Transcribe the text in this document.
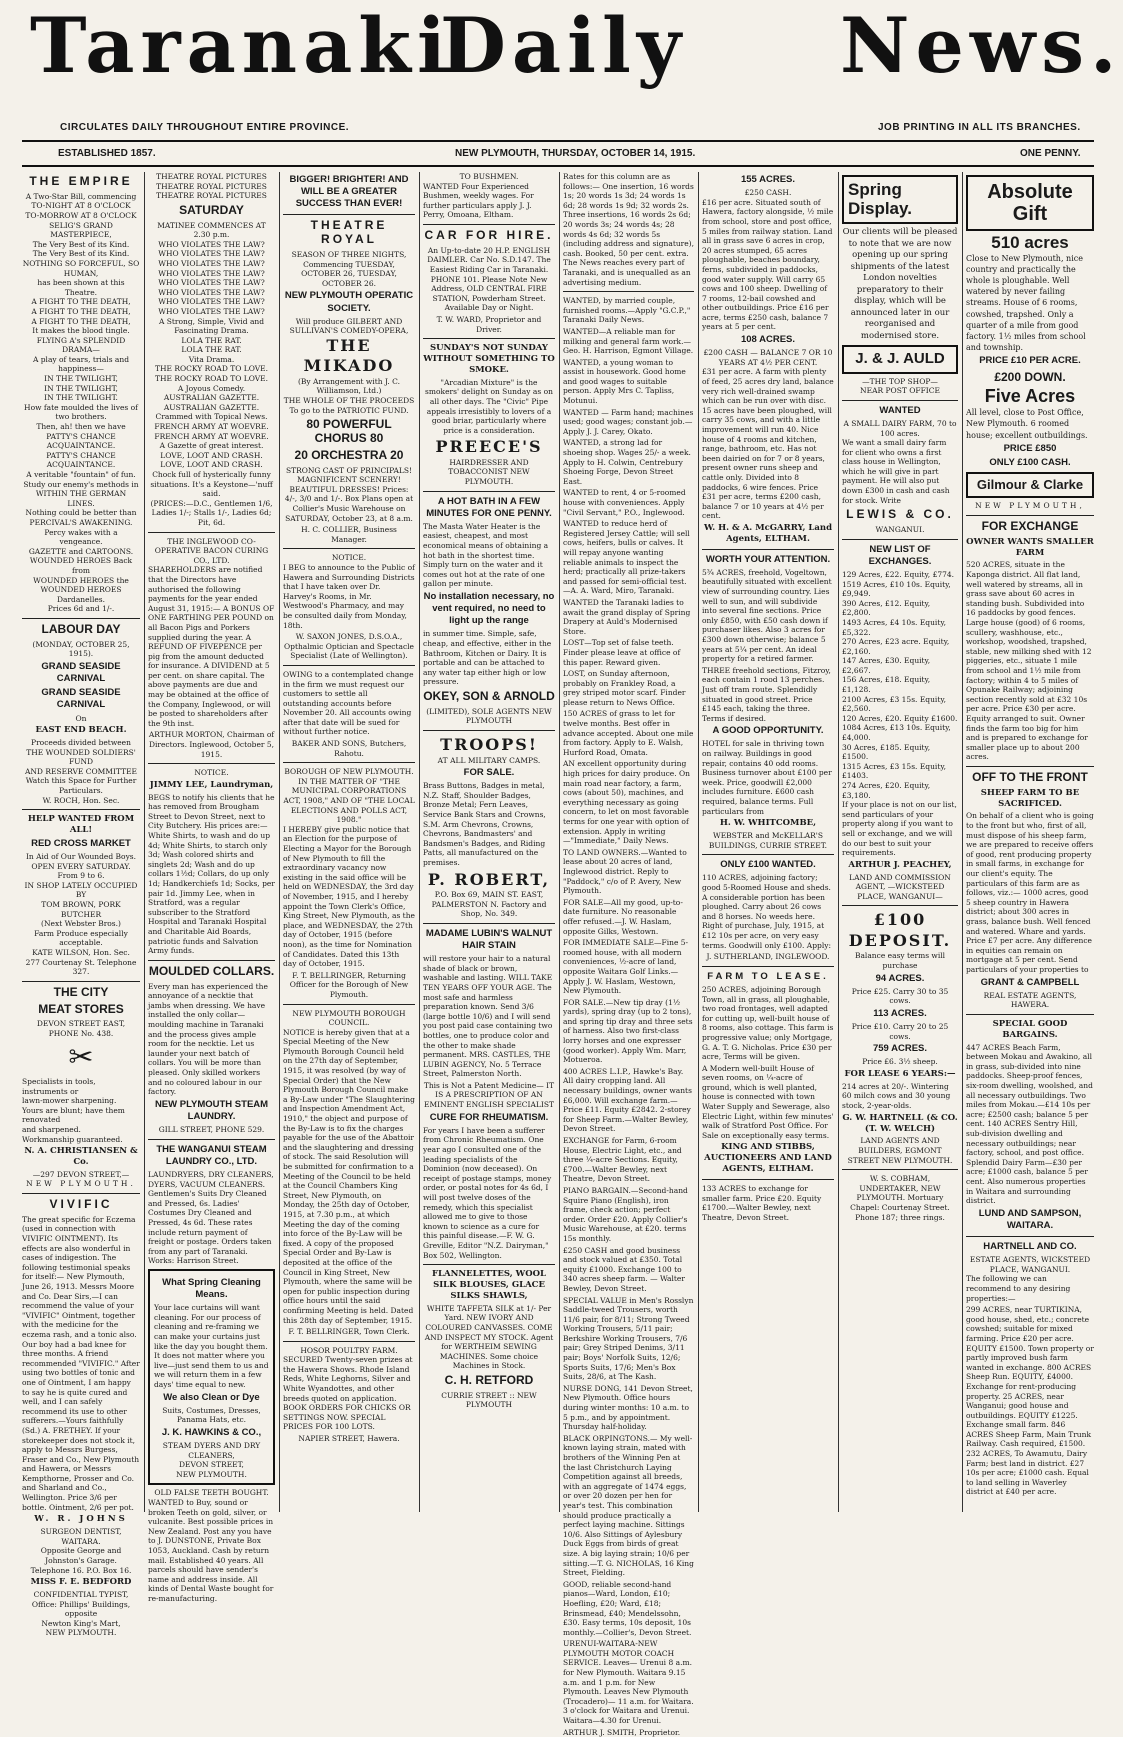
Taranaki
Daily News.
CIRCULATES DAILY THROUGHOUT ENTIRE PROVINCE.	JOB PRINTING IN ALL ITS BRANCHES.
ESTABLISHED 1857.	NEW PLYMOUTH, THURSDAY, OCTOBER 14, 1915.	ONE PENNY.
THE EMPIRE
A Two-Star Bill, commencing
TO-NIGHT AT 8 O'CLOCK
TO-MORROW AT 8 O'CLOCK
SELIG'S GRAND MASTERPIECE,
The Very Best of its Kind.
The Very Best of its Kind.
NOTHING SO FORCEFUL, SO HUMAN,
has been shown at this Theatre.
A FIGHT TO THE DEATH,
A FIGHT TO THE DEATH,
A FIGHT TO THE DEATH,
It makes the blood tingle.
FLYING A's SPLENDID DRAMA—
A play of tears, trials and happiness—
IN THE TWILIGHT,
IN THE TWILIGHT,
IN THE TWILIGHT.
How fate moulded the lives of two brothers.
Then, ah! then we have
PATTY'S CHANCE ACQUAINTANCE.
PATTY'S CHANCE ACQUAINTANCE.
A veritable "fountain" of fun.
Study our enemy's methods in
WITHIN THE GERMAN LINES.
Nothing could be better than
PERCIVAL'S AWAKENING.
Percy wakes with a vengeance.
GAZETTE and CARTOONS.
WOUNDED HEROES Back from
WOUNDED HEROES the
WOUNDED HEROES Dardanelles.
Prices 6d and 1/-.
LABOUR DAY
(MONDAY, OCTOBER 25, 1915).
GRAND SEASIDE CARNIVAL
GRAND SEASIDE CARNIVAL
On
EAST END BEACH.
Proceeds divided between
THE WOUNDED SOLDIERS' FUND
AND RESERVE COMMITTEE
Watch this Space for Further Particulars.
W. ROCH, Hon. Sec.
HELP WANTED FROM ALL!
RED CROSS MARKET
In Aid of Our Wounded Boys.
OPEN EVERY SATURDAY.
From 9 to 6.
IN SHOP LATELY OCCUPIED BY
TOM BROWN, PORK BUTCHER
(Next Webster Bros.)
Farm Produce especially acceptable.
KATE WILSON, Hon. Sec.
277 Courtenay St. Telephone 327.
THE CITY
MEAT STORES
DEVON STREET EAST,
PHONE No. 438.
✂
Specialists in tools, instruments or
lawn-mower sharpening.
Yours are blunt; have them renovated
and sharpened.
Workmanship guaranteed.
N. A. CHRISTIANSEN & Co.
—297 DEVON STREET,—
NEW PLYMOUTH.
VIVIFIC

The great specific for Eczema (used in connection with VIVIFIC OINTMENT). Its effects are also wonderful in cases of indigestion. The following testimonial speaks for itself:— New Plymouth, June 26, 1913. Messrs Moore and Co. Dear Sirs,—I can recommend the value of your "VIVIFIC" Ointment, together with the medicine for the eczema rash, and a tonic also. Our boy had a bad knee for three months. A friend recommended "VIVIFIC." After using two bottles of tonic and one of Ointment, I am happy to say he is quite cured and well, and I can safely recommend its use to other sufferers.—Yours faithfully (Sd.) A. FRETHEY. If your storekeeper does not stock it, apply to Messrs Burgess, Fraser and Co., New Plymouth and Hawera, or Messrs Kempthorne, Prosser and Co. and Sharland and Co., Wellington. Price 3/6 per bottle. Ointment, 2/6 per pot.

W. R. JOHNS
SURGEON DENTIST,
WAITARA.
Opposite George and Johnston's Garage.
Telephone 16. P.O. Box 16.
MISS F. E. BEDFORD
CONFIDENTIAL TYPIST,
Office: Phillips' Buildings, opposite
Newton King's Mart,
NEW PLYMOUTH.
THEATRE ROYAL PICTURES
THEATRE ROYAL PICTURES
THEATRE ROYAL PICTURES
SATURDAY
MATINEE COMMENCES AT 2.30 p.m.
WHO VIOLATES THE LAW?
WHO VIOLATES THE LAW?
WHO VIOLATES THE LAW?
WHO VIOLATES THE LAW?
WHO VIOLATES THE LAW?
WHO VIOLATES THE LAW?
WHO VIOLATES THE LAW?
WHO VIOLATES THE LAW?
A Strong, Simple, Vivid and Fascinating Drama.
LOLA THE RAT.
LOLA THE RAT.
Vita Drama.
THE ROCKY ROAD TO LOVE.
THE ROCKY ROAD TO LOVE.
A Joyous Comedy.
AUSTRALIAN GAZETTE.
AUSTRALIAN GAZETTE.
Crammed with Topical News.
FRENCH ARMY AT WOEVRE.
FRENCH ARMY AT WOEVRE.
A Gazette of great interest.
LOVE, LOOT AND CRASH.
LOVE, LOOT AND CRASH.
Chock full of hysterically funny situations. It's a Keystone—'nuff said.
(PRICES:—D.C., Gentlemen 1/6, Ladies 1/-; Stalls 1/-, Ladies 6d; Pit, 6d.
THE INGLEWOOD CO-OPERATIVE BACON CURING CO., LTD.

SHAREHOLDERS are notified that the Directors have authorised the following payments for the year ended August 31, 1915:— A BONUS OF ONE FARTHING PER POUND on all Bacon Pigs and Porkers supplied during the year. A REFUND OF FIVEPENCE per pig from the amount deducted for insurance. A DIVIDEND at 5 per cent. on share capital. The above payments are due and may be obtained at the office of the Company, Inglewood, or will be posted to shareholders after the 9th inst.

ARTHUR MORTON, Chairman of Directors. Inglewood, October 5, 1915.
NOTICE.
JIMMY LEE, Laundryman,

BEGS to notify his clients that he has removed from Brougham Street to Devon Street, next to City Butchery. His prices are:— White Shirts, to wash and do up 4d; White Shirts, to starch only 3d; Wash colored shirts and singlets 2d; Wash and do up collars 1½d; Collars, do up only 1d; Handkerchiefs 1d; Socks, per pair 1d. Jimmy Lee, when in Stratford, was a regular subscriber to the Stratford Hospital and Taranaki Hospital and Charitable Aid Boards, patriotic funds and Salvation Army funds.

MOULDED COLLARS.

Every man has experienced the annoyance of a necktie that jambs when dressing. We have installed the only collar—moulding machine in Taranaki and the process gives ample room for the necktie. Let us launder your next batch of collars. You will be more than pleased. Only skilled workers and no coloured labour in our factory.

NEW PLYMOUTH STEAM LAUNDRY.
GILL STREET, PHONE 529.
THE WANGANUI STEAM LAUNDRY CO., LTD.

LAUNDRYERS, DRY CLEANERS, DYERS, VACUUM CLEANERS. Gentlemen's Suits Dry Cleaned and Pressed, 6s. Ladies' Costumes Dry Cleaned and Pressed, 4s 6d. These rates include return payment of freight or postage. Orders taken from any part of Taranaki. Works: Harrison Street.

What Spring Cleaning Means.

Your lace curtains will want cleaning. For our process of cleaning and re-framing we can make your curtains just like the day you bought them. It does not matter where you live—just send them to us and we will return them in a few days' time equal to new.

We also Clean or Dye
Suits, Costumes, Dresses, Panama Hats, etc.
J. K. HAWKINS & CO.,
STEAM DYERS AND DRY CLEANERS,
DEVON STREET,
NEW PLYMOUTH.
OLD FALSE TEETH BOUGHT.

WANTED to Buy, sound or broken Teeth on gold, silver, or vulcanite. Best possible prices in New Zealand. Post any you have to J. DUNSTONE, Private Box 1053, Auckland. Cash by return mail. Established 40 years. All parcels should have sender's name and address inside. All kinds of Dental Waste bought for re-manufacturing.

BIGGER! BRIGHTER! AND WILL BE A GREATER SUCCESS THAN EVER!
THEATRE ROYAL
SEASON OF THREE NIGHTS, Commencing TUESDAY, OCTOBER 26, TUESDAY, OCTOBER 26.
NEW PLYMOUTH OPERATIC SOCIETY.
Will produce GILBERT AND SULLIVAN'S COMEDY-OPERA,
THE MIKADO
(By Arrangement with J. C. Williamson, Ltd.)
THE WHOLE OF THE PROCEEDS
To go to the PATRIOTIC FUND.
80 POWERFUL CHORUS 80
20 ORCHESTRA 20

STRONG CAST OF PRINCIPALS! MAGNIFICENT SCENERY! BEAUTIFUL DRESSES! Prices: 4/-, 3/0 and 1/-. Box Plans open at Collier's Music Warehouse on SATURDAY, October 23, at 8 a.m.

H. C. COLLIER, Business Manager.
NOTICE.

I BEG to announce to the Public of Hawera and Surrounding Districts that I have taken over Dr. Harvey's Rooms, in Mr. Westwood's Pharmacy, and may be consulted daily from Monday, 18th.

W. SAXON JONES, D.S.O.A., Opthalmic Optician and Spectacle Specialist (Late of Wellington).

OWING to a contemplated change in the firm we must request our customers to settle all outstanding accounts before November 20. All accounts owing after that date will be sued for without further notice.

BAKER AND SONS, Butchers, Rahotu.
BOROUGH OF NEW PLYMOUTH.
IN THE MATTER OF "THE MUNICIPAL CORPORATIONS ACT, 1908," AND OF "THE LOCAL ELECTIONS AND POLLS ACT, 1908."

I HEREBY give public notice that an Election for the purpose of Electing a Mayor for the Borough of New Plymouth to fill the extraordinary vacancy now existing in the said office will be held on WEDNESDAY, the 3rd day of November, 1915, and I hereby appoint the Town Clerk's Office, King Street, New Plymouth, as the place, and WEDNESDAY, the 27th day of October, 1915 (before noon), as the time for Nomination of Candidates. Dated this 13th day of October, 1915.

F. T. BELLRINGER, Returning Officer for the Borough of New Plymouth.
NEW PLYMOUTH BOROUGH COUNCIL.

NOTICE is hereby given that at a Special Meeting of the New Plymouth Borough Council held on the 27th day of September, 1915, it was resolved (by way of Special Order) that the New Plymouth Borough Council make a By-Law under "The Slaughtering and Inspection Amendment Act, 1910," the object and purpose of the By-Law is to fix the charges payable for the use of the Abattoir and the slaughtering and dressing of stock. The said Resolution will be submitted for confirmation to a Meeting of the Council to be held at the Council Chambers King Street, New Plymouth, on Monday, the 25th day of October, 1915, at 7.30 p.m., at which Meeting the day of the coming into force of the By-Law will be fixed. A copy of the proposed Special Order and By-Law is deposited at the office of the Council in King Street, New Plymouth, where the same will be open for public inspection during office hours until the said confirming Meeting is held. Dated this 28th day of September, 1915.

F. T. BELLRINGER, Town Clerk.
HOSOR POULTRY FARM.

SECURED Twenty-seven prizes at the Hawera Shows. Rhode Island Reds, White Leghorns, Silver and White Wyandottes, and other breeds quoted on application. BOOK ORDERS FOR CHICKS OR SETTINGS NOW. SPECIAL PRICES FOR 100 LOTS.

NAPIER STREET, Hawera.
TO BUSHMEN.

WANTED Four Experienced Bushmen, weekly wages. For further particulars apply J. J. Perry, Omoana, Eltham.

CAR FOR HIRE.

An Up-to-date 20 H.P. ENGLISH DAIMLER. Car No. S.D.147. The Easiest Riding Car in Taranaki. PHONE 101. Please Note New Address, OLD CENTRAL FIRE STATION, Powderham Street. Available Day or Night.

T. W. WARD, Proprietor and Driver.
SUNDAY'S NOT SUNDAY WITHOUT SOMETHING TO SMOKE.

"Arcadian Mixture" is the smokers' delight on Sunday as on all other days. The "Civic" Pipe appeals irresistibly to lovers of a good briar, particularly where price is a consideration.

PREECE'S
HAIRDRESSER AND TOBACCONIST NEW PLYMOUTH.
A HOT BATH IN A FEW MINUTES FOR ONE PENNY.

The Masta Water Heater is the easiest, cheapest, and most economical means of obtaining a hot bath in the shortest time. Simply turn on the water and it comes out hot at the rate of one gallon per minute.

No installation necessary, no vent required, no need to light up the range

in summer time. Simple, safe, cheap, and effective, either in the Bathroom, Kitchen or Dairy. It is portable and can be attached to any water tap either high or low pressure.

OKEY, SON & ARNOLD
(LIMITED), SOLE AGENTS NEW PLYMOUTH
TROOPS!
AT ALL MILITARY CAMPS.
FOR SALE.

Brass Buttons, Badges in metal, N.Z. Staff, Shoulder Badges, Bronze Metal; Fern Leaves, Service Bank Stars and Crowns, S.M. Arm Chevrons, Crowns, Chevrons, Bandmasters' and Bandsmen's Badges, and Riding Patts, all manufactured on the premises.

P. ROBERT,
P.O. Box 69, MAIN ST. EAST, PALMERSTON N. Factory and Shop, No. 349.
MADAME LUBIN'S WALNUT HAIR STAIN

will restore your hair to a natural shade of black or brown, washable and lasting. WILL TAKE TEN YEARS OFF YOUR AGE. The most safe and harmless preparation known. Send 3/6 (large bottle 10/6) and I will send you post paid case containing two bottles, one to produce color and the other to make shade permanent. MRS. CASTLES, THE LUBIN AGENCY, No. 5 Terrace Street, Palmerston North.

This is Not a Patent Medicine— IT IS A PRESCRIPTION OF AN EMINENT ENGLISH SPECIALIST
CURE FOR RHEUMATISM.

For years I have been a sufferer from Chronic Rheumatism. One year ago I consulted one of the leading specialists of the Dominion (now deceased). On receipt of postage stamps, money order, or postal notes for 4s 6d, I will post twelve doses of the remedy, which this specialist allowed me to give to those known to science as a cure for this painful disease.—F. W. G. Greville, Editor "N.Z. Dairyman," Box 502, Wellington.

FLANNELETTES, WOOL SILK BLOUSES, GLACE SILKS SHAWLS,

WHITE TAFFETA SILK at 1/- Per Yard. NEW IVORY AND COLOURED CANVASSES. COME AND INSPECT MY STOCK. Agent for WERTHEIM SEWING MACHINES. Some choice Machines in Stock.

C. H. RETFORD
CURRIE STREET :: NEW PLYMOUTH

Rates for this column are as follows:— One insertion, 16 words 1s; 20 words 1s 3d; 24 words 1s 6d; 28 words 1s 9d; 32 words 2s. Three insertions, 16 words 2s 6d; 20 words 3s; 24 words 4s; 28 words 4s 6d; 32 words 5s (including address and signature), cash. Booked, 50 per cent. extra. The News reaches every part of Taranaki, and is unequalled as an advertising medium.

WANTED, by married couple, furnished rooms.—Apply "G.C.P.," Taranaki Daily News.

WANTED—A reliable man for milking and general farm work.—Geo. H. Harrison, Egmont Village.

WANTED, a young woman to assist in housework. Good home and good wages to suitable person. Apply Mrs C. Tapliss, Motunui.

WANTED — Farm hand; machines used; good wages; constant job.—Apply J. J. Carey, Okato.

WANTED, a strong lad for shoeing shop. Wages 25/- a week. Apply to H. Colwin, Centrebury Shoeing Forge, Devon Street East.

WANTED to rent, 4 or 5-roomed house with conveniences. Apply "Civil Servant," P.O., Inglewood.

WANTED to reduce herd of Registered Jersey Cattle; will sell cows, heifers, bulls or calves. It will repay anyone wanting reliable animals to inspect the herd; practically all prize-takers and passed for semi-official test. —A. A. Ward, Miro, Taranaki.

WANTED the Taranaki ladies to await the grand display of Spring Drapery at Auld's Modernised Store.

LOST—Top set of false teeth. Finder please leave at office of this paper. Reward given.

LOST, on Sunday afternoon, probably on Frankley Road, a grey striped motor scarf. Finder please return to News Office.

150 ACRES of grass to let for twelve months. Best offer in advance accepted. About one mile from factory. Apply to E. Walsh, Hurford Road, Omata.

AN excellent opportunity during high prices for dairy produce. On main road near factory, a farm, cows (about 50), machines, and everything necessary as going concern, to let on most favorable terms for one year with option of extension. Apply in writing—"Immediate," Daily News.

TO LAND OWNERS.—Wanted to lease about 20 acres of land, Inglewood district. Reply to "Paddock," c/o of P. Avery, New Plymouth.

FOR SALE—All my good, up-to-date furniture. No reasonable offer refused.—J. W. Haslam, opposite Gilks, Westown.

FOR IMMEDIATE SALE—Fine 5-roomed house, with all modern conveniences, ½-acre of land, opposite Waitara Golf Links.—Apply J. W. Haslam, Westown, New Plymouth.

FOR SALE.—New tip dray (1½ yards), spring dray (up to 2 tons), and spring tip dray and three sets of harness. Also two first-class lorry horses and one expresser (good worker). Apply Wm. Marr, Motueroa.

400 ACRES L.I.P., Hawke's Bay. All dairy cropping land. All necessary buildings, owner wants £6,000. Will exchange farm.—Price £11. Equity £2842. 2-storey for Sheep Farm.—Walter Bewley, Devon Street.

EXCHANGE for Farm, 6-room House, Electric Light, etc., and three ¼-acre Sections. Equity, £700.—Walter Bewley, next Theatre, Devon Street.

PIANO BARGAIN.—Second-hand Squire Piano (English), iron frame, check action; perfect order. Order £20. Apply Collier's Music Warehouse, at £20. terms 15s monthly.

£250 CASH and good business and stock valued at £350. Total equity £1000. Exchange 100 to 340 acres sheep farm. — Walter Bewley, Devon Street.

SPECIAL VALUE in Men's Rosslyn Saddle-tweed Trousers, worth 11/6 pair, for 8/11; Strong Tweed Working Trousers, 5/11 pair; Berkshire Working Trousers, 7/6 pair; Grey Striped Denims, 3/11 pair; Boys' Norfolk Suits, 12/6; Sports Suits, 17/6; Men's Box Suits, 28/6, at The Kash.

NURSE DONG, 141 Devon Street, New Plymouth. Office hours during winter months: 10 a.m. to 5 p.m., and by appointment. Thursday half-holiday.

BLACK ORPINGTONS.— My well-known laying strain, mated with brothers of the Winning Pen at the last Christchurch Laying Competition against all breeds, with an aggregate of 1474 eggs, or over 20 dozen per hen for year's test. This combination should produce practically a perfect laying machine. Sittings 10/6. Also Sittings of Aylesbury Duck Eggs from birds of great size. A big laying strain; 10/6 per sitting.—T. G. NICHOLAS, 16 King Street, Fielding.

GOOD, reliable second-hand pianos—Ward, London, £10; Hoefling, £20; Ward, £18; Brinsmead, £40; Mendelssohn, £30. Easy terms, 10s deposit, 10s monthly.—Collier's, Devon Street.

URENUI-WAITARA-NEW PLYMOUTH MOTOR COACH SERVICE. Leaves— Urenui 8 a.m. for New Plymouth. Waitara 9.15 a.m. and 1 p.m. for New Plymouth. Leaves New Plymouth (Trocadero)— 11 a.m. for Waitara. 3 o'clock for Waitara and Urenui. Waitara—4.30 for Urenui.

ARTHUR J. SMITH, Proprietor.

155 ACRES.
£250 CASH.

£16 per acre. Situated south of Hawera, factory alongside, ½ mile from school, store and post office, 5 miles from railway station. Land all in grass save 6 acres in crop, 20 acres stumped, 65 acres ploughable, beaches boundary, ferns, subdivided in paddocks, good water supply. Will carry 65 cows and 100 sheep. Dwelling of 7 rooms, 12-bail cowshed and other outbuildings. Price £16 per acre, terms £250 cash, balance 7 years at 5 per cent.

108 ACRES.
£200 CASH — BALANCE 7 OR 10 YEARS AT 4½ PER CENT.

£31 per acre. A farm with plenty of feed, 25 acres dry land, balance very rich well-drained swamp which can be run over with disc. 15 acres have been ploughed, will carry 35 cows, and with a little improvement will run 40. Nice house of 4 rooms and kitchen, range, bathroom, etc. Has not been dairied on for 7 or 8 years, present owner runs sheep and cattle only. Divided into 8 paddocks, 6 wire fences. Price £31 per acre, terms £200 cash, balance 7 or 10 years at 4½ per cent.

W. H. & A. McGARRY, Land Agents, ELTHAM.
WORTH YOUR ATTENTION.

5¾ ACRES, freehold, Vogeltown, beautifully situated with excellent view of surrounding country. Lies well to sun, and will subdivide into several fine sections. Price only £850, with £50 cash down if purchaser likes. Also 3 acres for £300 down otherwise; balance 5 years at 5¼ per cent. An ideal property for a retired farmer.

THREE freehold sections, Fitzroy, each contain 1 rood 13 perches. Just off tram route. Splendidly situated in good street. Price £145 each, taking the three. Terms if desired.

A GOOD OPPORTUNITY.

HOTEL for sale in thriving town on railway. Buildings in good repair, contains 40 odd rooms. Business turnover about £100 per week. Price, goodwill £2,000 includes furniture. £600 cash required, balance terms. Full particulars from

H. W. WHITCOMBE,
WEBSTER and McKELLAR'S BUILDINGS, CURRIE STREET.
ONLY £100 WANTED.

110 ACRES, adjoining factory; good 5-Roomed House and sheds. A considerable portion has been ploughed. Carry about 26 cows and 8 horses. No weeds here. Right of purchase, July, 1915, at £12 10s per acre, on very easy terms. Goodwill only £100. Apply:

J. SUTHERLAND, INGLEWOOD.
FARM TO LEASE.

250 ACRES, adjoining Borough Town, all in grass, all ploughable, two road frontages, well adapted for cutting up, well-built house of 8 rooms, also cottage. This farm is progressive value; only Mortgage, G. A. T. G. Nicholas. Price £30 per acre, Terms will be given.

A Modern well-built House of seven rooms, on ¼-acre of ground, which is well planted, house is connected with town Water Supply and Sewerage, also Electric Light, within few minutes' walk of Stratford Post Office. For Sale on exceptionally easy terms.

KING AND STIBBS, AUCTIONEERS AND LAND AGENTS, ELTHAM.

133 ACRES to exchange for smaller farm. Price £20. Equity £1700.—Walter Bewley, next Theatre, Devon Street.

Spring Display.

Our clients will be pleased to note that we are now opening up our spring shipments of the latest London novelties preparatory to their display, which will be announced later in our reorganised and modernised store.

J. & J. AULD
—THE TOP SHOP—
NEAR POST OFFICE
WANTED
A SMALL DAIRY FARM, 70 to 100 acres.

We want a small dairy farm for client who owns a first class house in Wellington, which he will give in part payment. He will also put down £300 in cash and cash for stock. Write

LEWIS & CO.
WANGANUI.
NEW LIST OF EXCHANGES.
129 Acres, £22. Equity, £774.
1519 Acres, £10 10s. Equity, £9,949.
390 Acres, £12. Equity, £2,800.
1493 Acres, £4 10s. Equity, £5,322.
270 Acres, £23 acre. Equity, £2,160.
147 Acres, £30. Equity, £2,667.
156 Acres, £18. Equity, £1,128.
2100 Acres, £3 15s. Equity, £2,560.
120 Acres, £20. Equity £1600.
1084 Acres, £13 10s. Equity, £4,000.
30 Acres, £185. Equity, £1500.
1315 Acres, £3 15s. Equity, £1403.
274 Acres, £20. Equity, £3,180.

If your place is not on our list, send particulars of your property along if you want to sell or exchange, and we will do our best to suit your requirements.

ARTHUR J. PEACHEY,
LAND AND COMMISSION AGENT, —WICKSTEED PLACE, WANGANUI—
£100 DEPOSIT.
Balance easy terms will purchase
94 ACRES.
Price £25. Carry 30 to 35 cows.
113 ACRES.
Price £10. Carry 20 to 25 cows.
759 ACRES.
Price £6. 3½ sheep.
FOR LEASE 6 YEARS:—

214 acres at 20/-. Wintering 60 milch cows and 30 young stock, 2-year-olds.

G. W. HARTNELL (& CO. (T. W. WELCH)
LAND AGENTS AND BUILDERS, EGMONT STREET NEW PLYMOUTH.
W. S. COBHAM, UNDERTAKER, NEW PLYMOUTH. Mortuary Chapel: Courtenay Street. Phone 187; three rings.
Absolute Gift
510 acres

Close to New Plymouth, nice country and practically the whole is ploughable. Well watered by never failing streams. House of 6 rooms, cowshed, trapshed. Only a quarter of a mile from good factory. 1½ miles from school and township.

PRICE £10 PER ACRE.
£200 DOWN.
Five Acres

All level, close to Post Office, New Plymouth. 6 roomed house; excellent outbuildings.

PRICE £850
ONLY £100 CASH.
Gilmour & Clarke
NEW PLYMOUTH,
FOR EXCHANGE
OWNER WANTS SMALLER FARM

520 ACRES, situate in the Kaponga district. All flat land, well watered by streams, all in grass save about 60 acres in standing bush. Subdivided into 16 paddocks by good fences. Large house (good) of 6 rooms, scullery, washhouse, etc., workshop, woodshed, trapshed, stable, new milking shed with 12 piggeries, etc., situate 1 mile from school and 1½ mile from factory; within 4 to 5 miles of Opunake Railway; adjoining section recently sold at £32 10s per acre. Price £30 per acre. Equity arranged to suit. Owner finds the farm too big for him and is prepared to exchange for smaller place up to about 200 acres.

OFF TO THE FRONT
SHEEP FARM TO BE SACRIFICED.

On behalf of a client who is going to the front but who, first of all, must dispose of his sheep farm, we are prepared to receive offers of good, rent producing property in small farms, in exchange for our client's equity. The particulars of this farm are as follows, viz.:— 1000 acres, good 5 sheep country in Hawera district; about 300 acres in grass, balance bush. Well fenced and watered. Whare and yards. Price £7 per acre. Any difference in equities can remain on mortgage at 5 per cent. Send particulars of your properties to

GRANT & CAMPBELL
REAL ESTATE AGENTS, HAWERA.
SPECIAL GOOD BARGAINS.

447 ACRES Beach Farm, between Mokau and Awakino, all in grass, sub-divided into nine paddocks. Sheep-proof fences, six-room dwelling, woolshed, and all necessary outbuildings. Two miles from Mokau.—£14 10s per acre; £2500 cash; balance 5 per cent. 140 ACRES Sentry Hill, sub-division dwelling and necessary outbuildings; near factory, school, and post office. Splendid Dairy Farm—£30 per acre; £1000 cash, balance 5 per cent. Also numerous properties in Waitara and surrounding district.

LUND AND SAMPSON, WAITARA.
HARTNELL AND CO.
ESTATE AGENTS, WICKSTEED PLACE, WANGANUI.

The following we can recommend to any desiring properties:—

299 ACRES, near TURTIKINA, good house, shed, etc.; concrete cowshed; suitable for mixed farming. Price £20 per acre. EQUITY £1500. Town property or partly improved bush farm wanted in exchange. 800 ACRES Sheep Run. EQUITY, £4000. Exchange for rent-producing property. 25 ACRES, near Wanganui; good house and outbuildings. EQUITY £1225. Exchange small farm. 846 ACRES Sheep Farm, Main Trunk Railway. Cash required, £1500. 232 ACRES, To Awamutu, Dairy Farm; best land in district. £27 10s per acre; £1000 cash. Equal to land selling in Waverley district at £40 per acre.
